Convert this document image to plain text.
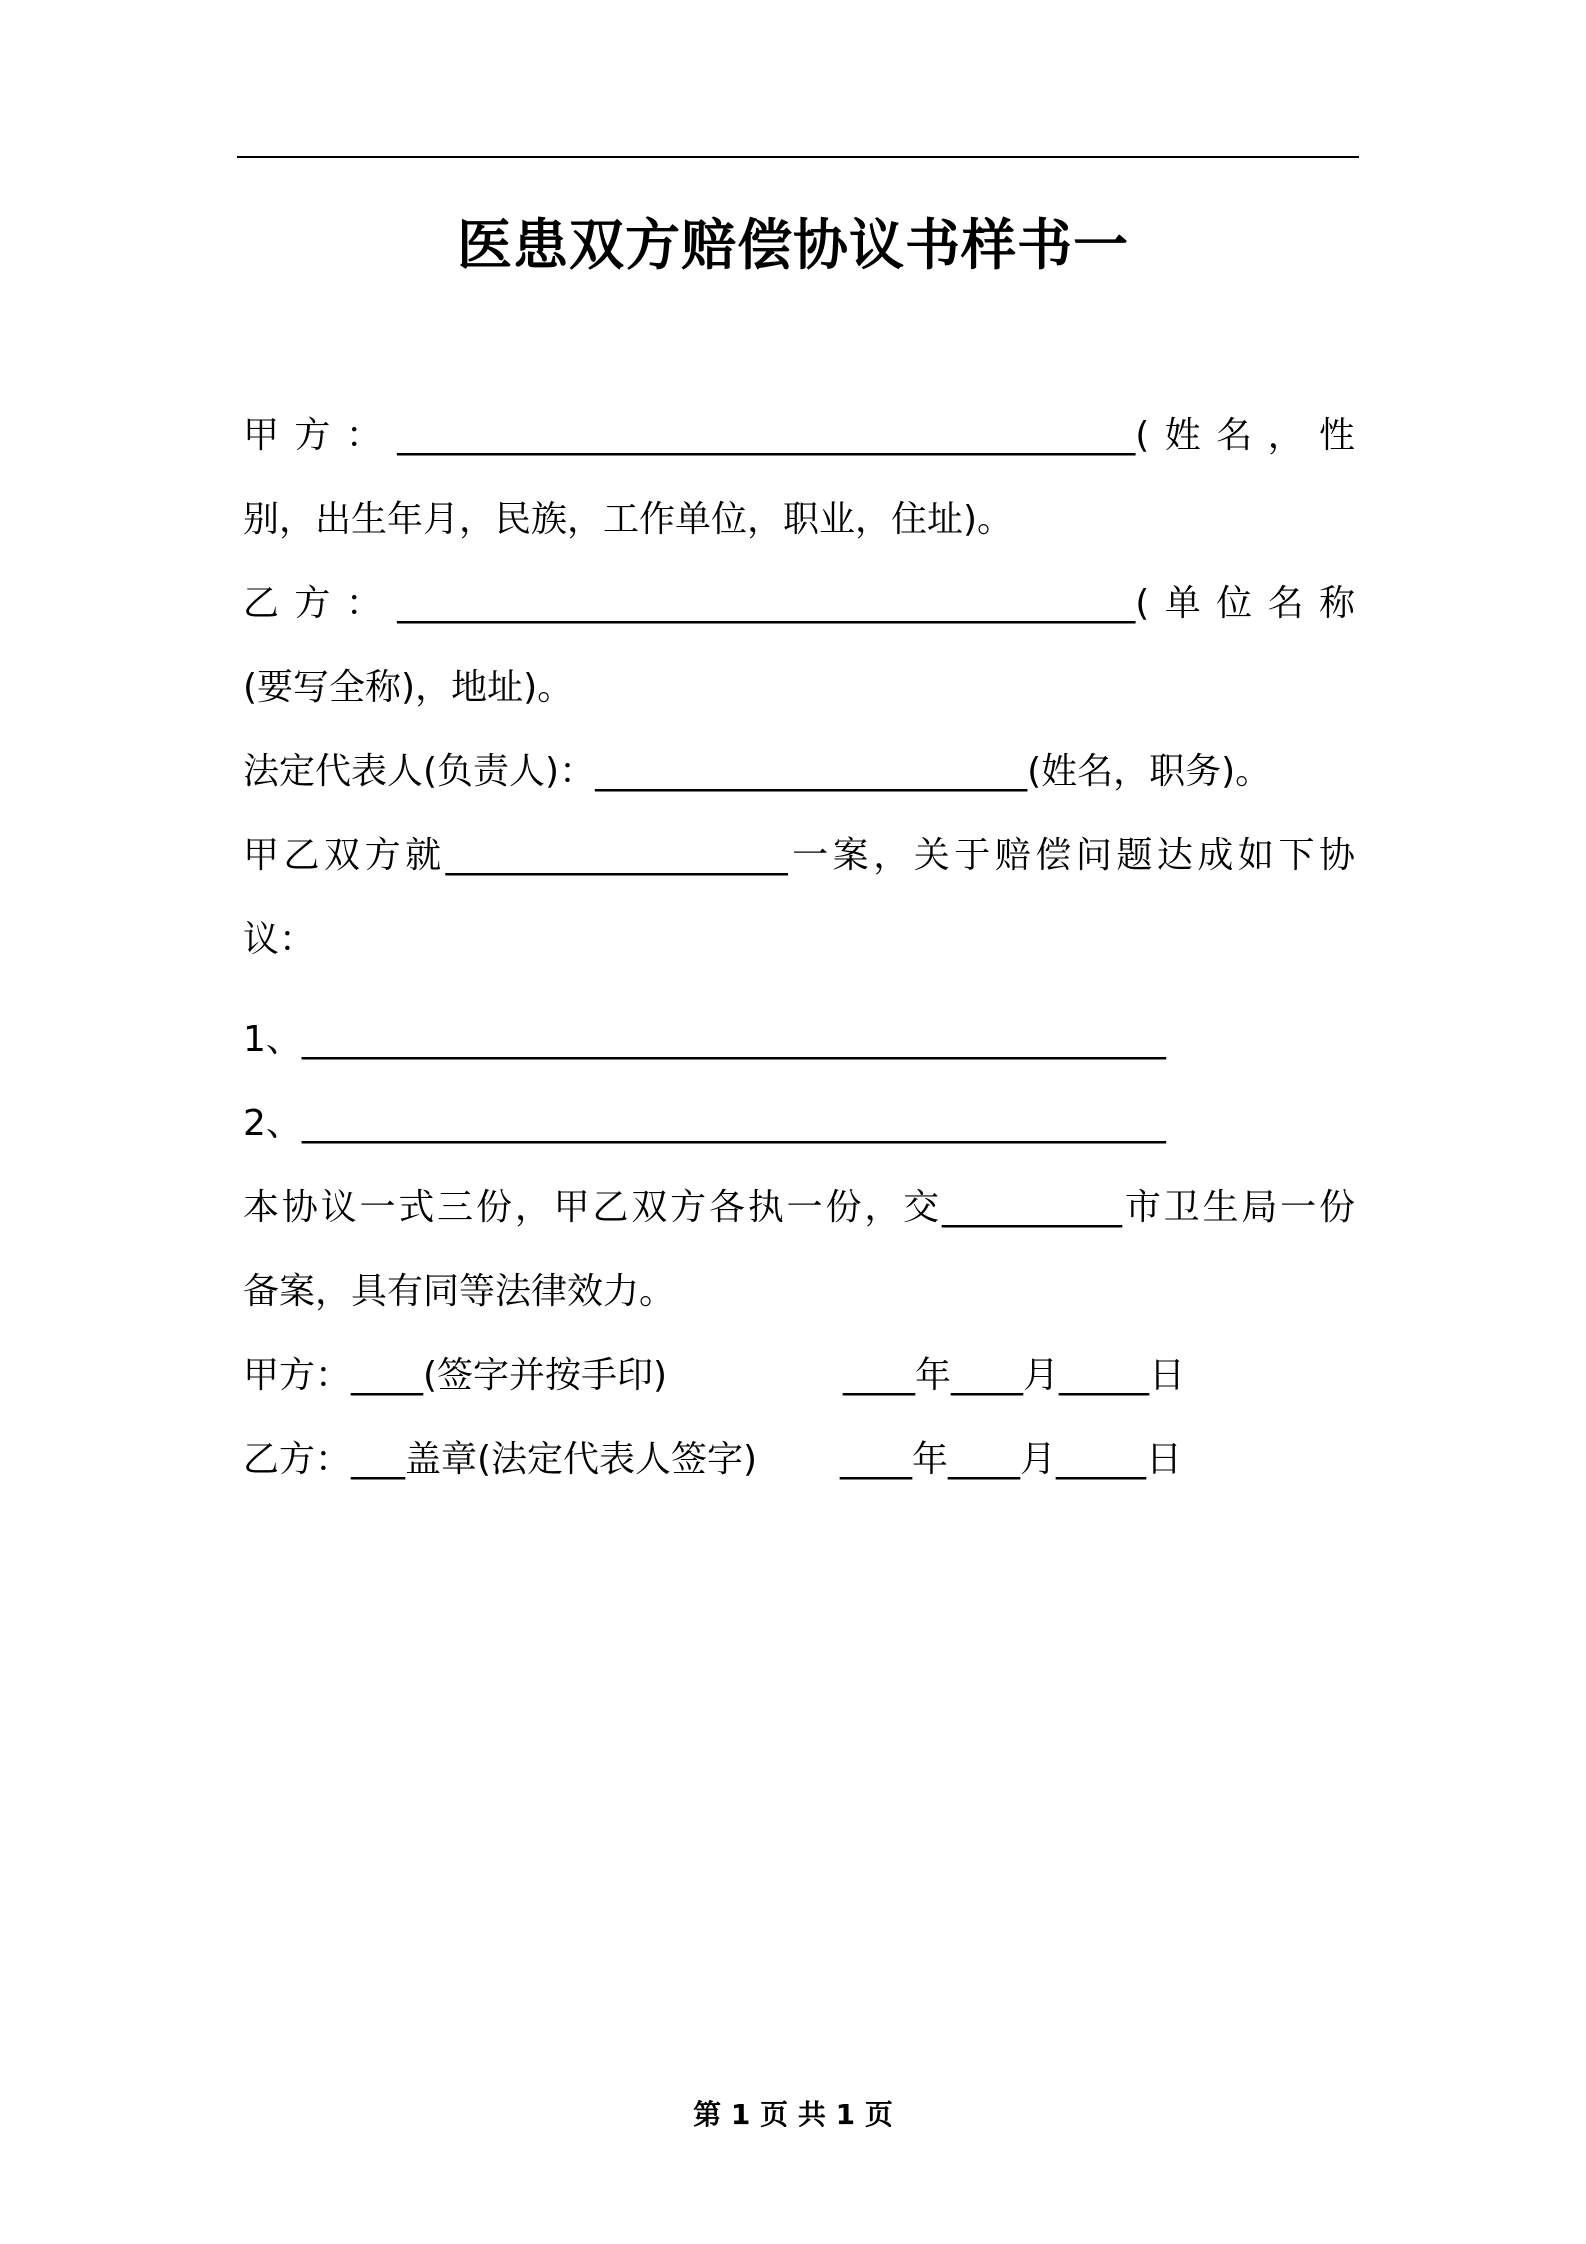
医患双方赔偿协议书样书一
甲方：_________________________________________(姓名，性
别，出生年月，民族，工作单位，职业，住址)。
乙方：_________________________________________(单位名称
(要写全称)，地址)。
法定代表人(负责人)：________________________(姓名，职务)。
甲乙双方就___________________一案，关于赔偿问题达成如下协
议：
1、________________________________________________
2、________________________________________________
本协议一式三份，甲乙双方各执一份，交__________市卫生局一份
备案，具有同等法律效力。
甲方：____(签字并按手印)	____年____月_____日
乙方：___盖章(法定代表人签字) ____年____月_____日
第 1 页 共 1 页
